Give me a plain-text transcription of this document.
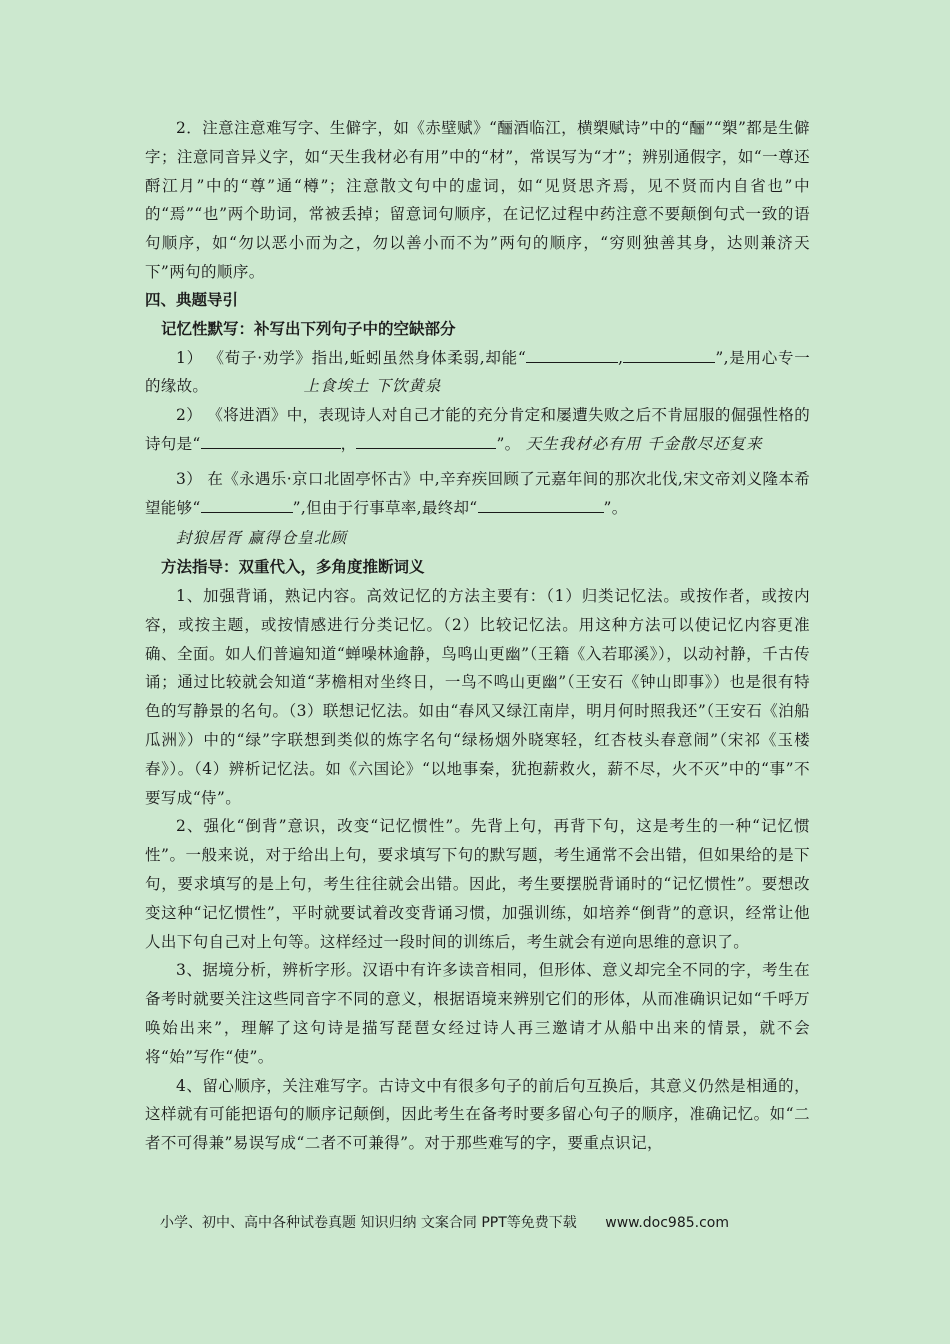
2．注意注意难写字、生僻字，如《赤壁赋》“酾酒临江，横槊赋诗”中的“酾”“槊”都是生僻字；注意同音异义字，如“天生我材必有用”中的“材”，常误写为“才”；辨别通假字，如“一尊还酹江月”中的“尊”通“樽”；注意散文句中的虚词，如“见贤思齐焉，见不贤而内自省也”中的“焉”“也”两个助词，常被丢掉；留意词句顺序，在记忆过程中药注意不要颠倒句式一致的语句顺序，如“勿以恶小而为之，勿以善小而不为”两句的顺序，“穷则独善其身，达则兼济天下”两句的顺序。

四、典题导引

记忆性默写：补写出下列句子中的空缺部分

1） 《荀子·劝学》指出,蚯蚓虽然身体柔弱,却能“	,	”,是用心专一的缘故。	上食埃土 下饮黄泉

2） 《将进酒》中，表现诗人对自己才能的充分肯定和屡遭失败之后不肯屈服的倔强性格的诗句是“	，	”。 天生我材必有用 千金散尽还复来

3） 在《永遇乐·京口北固亭怀古》中,辛弃疾回顾了元嘉年间的那次北伐,宋文帝刘义隆本希望能够“	”,但由于行事草率,最终却“	”。

封狼居胥 赢得仓皇北顾

方法指导：双重代入，多角度推断词义

1、加强背诵，熟记内容。高效记忆的方法主要有：（1）归类记忆法。或按作者，或按内容，或按主题，或按情感进行分类记忆。（2）比较记忆法。用这种方法可以使记忆内容更准确、全面。如人们普遍知道“蝉噪林逾静，鸟鸣山更幽”（王籍《入若耶溪》），以动衬静，千古传诵；通过比较就会知道“茅檐相对坐终日，一鸟不鸣山更幽”（王安石《钟山即事》）也是很有特色的写静景的名句。（3）联想记忆法。如由“春风又绿江南岸，明月何时照我还”（王安石《泊船瓜洲》）中的“绿”字联想到类似的炼字名句“绿杨烟外晓寒轻，红杏枝头春意闹”（宋祁《玉楼春》）。（4）辨析记忆法。如《六国论》“以地事秦，犹抱薪救火，薪不尽，火不灭”中的“事”不要写成“侍”。

2、强化“倒背”意识，改变“记忆惯性”。先背上句，再背下句，这是考生的一种“记忆惯性”。一般来说，对于给出上句，要求填写下句的默写题，考生通常不会出错，但如果给的是下句，要求填写的是上句，考生往往就会出错。因此，考生要摆脱背诵时的“记忆惯性”。要想改变这种“记忆惯性”，平时就要试着改变背诵习惯，加强训练，如培养“倒背”的意识，经常让他人出下句自己对上句等。这样经过一段时间的训练后，考生就会有逆向思维的意识了。

3、据境分析，辨析字形。汉语中有许多读音相同，但形体、意义却完全不同的字，考生在备考时就要关注这些同音字不同的意义，根据语境来辨别它们的形体，从而准确识记如“千呼万唤始出来”，理解了这句诗是描写琵琶女经过诗人再三邀请才从船中出来的情景，就不会将“始”写作“使”。

4、留心顺序，关注难写字。古诗文中有很多句子的前后句互换后，其意义仍然是相通的，这样就有可能把语句的顺序记颠倒，因此考生在备考时要多留心句子的顺序，准确记忆。如“二者不可得兼”易误写成“二者不可兼得”。对于那些难写的字，要重点识记，

小学、初中、高中各种试卷真题 知识归纳 文案合同 PPT等免费下载 www.doc985.com
